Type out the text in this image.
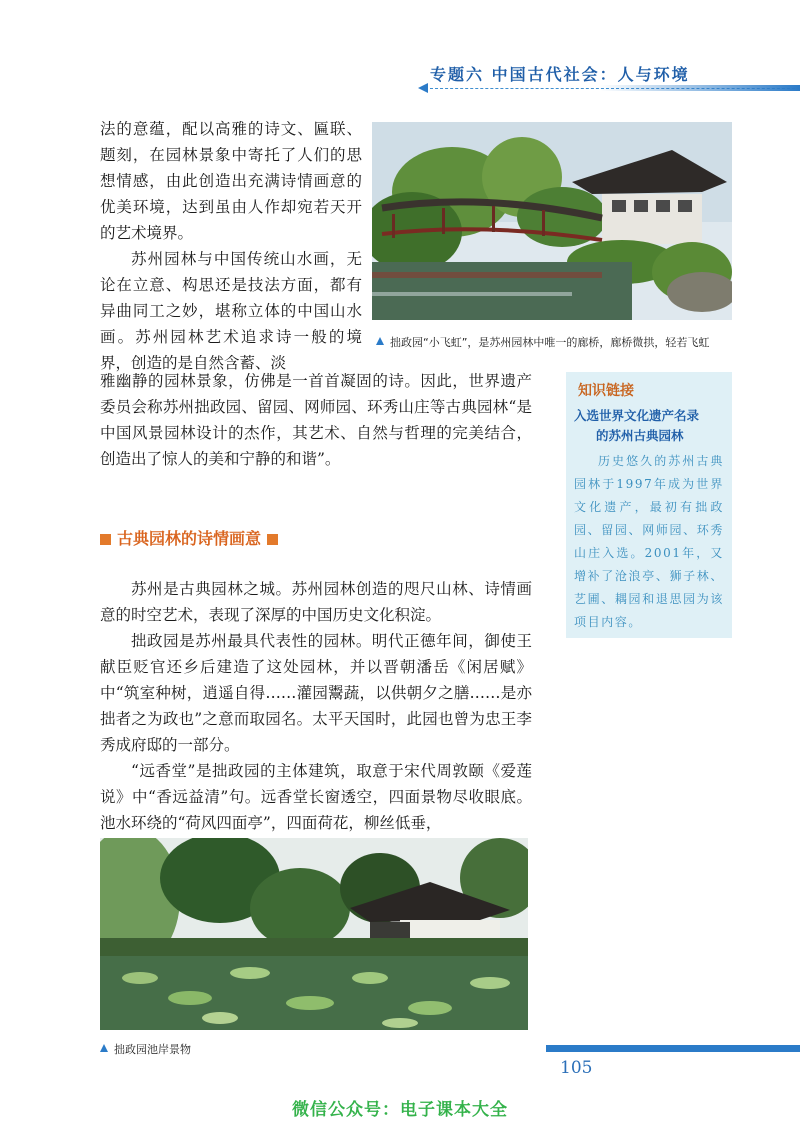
专题六 中国古代社会：人与环境

法的意蕴，配以高雅的诗文、匾联、题刻，在园林景象中寄托了人们的思想情感，由此创造出充满诗情画意的优美环境，达到虽由人作却宛若天开的艺术境界。

苏州园林与中国传统山水画，无论在立意、构思还是技法方面，都有异曲同工之妙，堪称立体的中国山水画。苏州园林艺术追求诗一般的境界，创造的是自然含蓄、淡

雅幽静的园林景象，仿佛是一首首凝固的诗。因此，世界遗产委员会称苏州拙政园、留园、网师园、环秀山庄等古典园林“是中国风景园林设计的杰作，其艺术、自然与哲理的完美结合，创造出了惊人的美和宁静的和谐”。

拙政园“小飞虹”，是苏州园林中唯一的廊桥，廊桥微拱，轻若飞虹

知识链接

入选世界文化遗产名录

的苏州古典园林

历史悠久的苏州古典园林于1997年成为世界文化遗产，最初有拙政园、留园、网师园、环秀山庄入选。2001年，又增补了沧浪亭、狮子林、艺圃、耦园和退思园为该项目内容。

古典园林的诗情画意

苏州是古典园林之城。苏州园林创造的咫尺山林、诗情画意的时空艺术，表现了深厚的中国历史文化积淀。

拙政园是苏州最具代表性的园林。明代正德年间，御使王献臣贬官还乡后建造了这处园林，并以晋朝潘岳《闲居赋》中“筑室种树，逍遥自得……灌园鬻蔬，以供朝夕之膳……是亦拙者之为政也”之意而取园名。太平天国时，此园也曾为忠王李秀成府邸的一部分。

“远香堂”是拙政园的主体建筑，取意于宋代周敦颐《爱莲说》中“香远益清”句。远香堂长窗透空，四面景物尽收眼底。池水环绕的“荷风四面亭”，四面荷花，柳丝低垂，

拙政园池岸景物
105
微信公众号：电子课本大全
